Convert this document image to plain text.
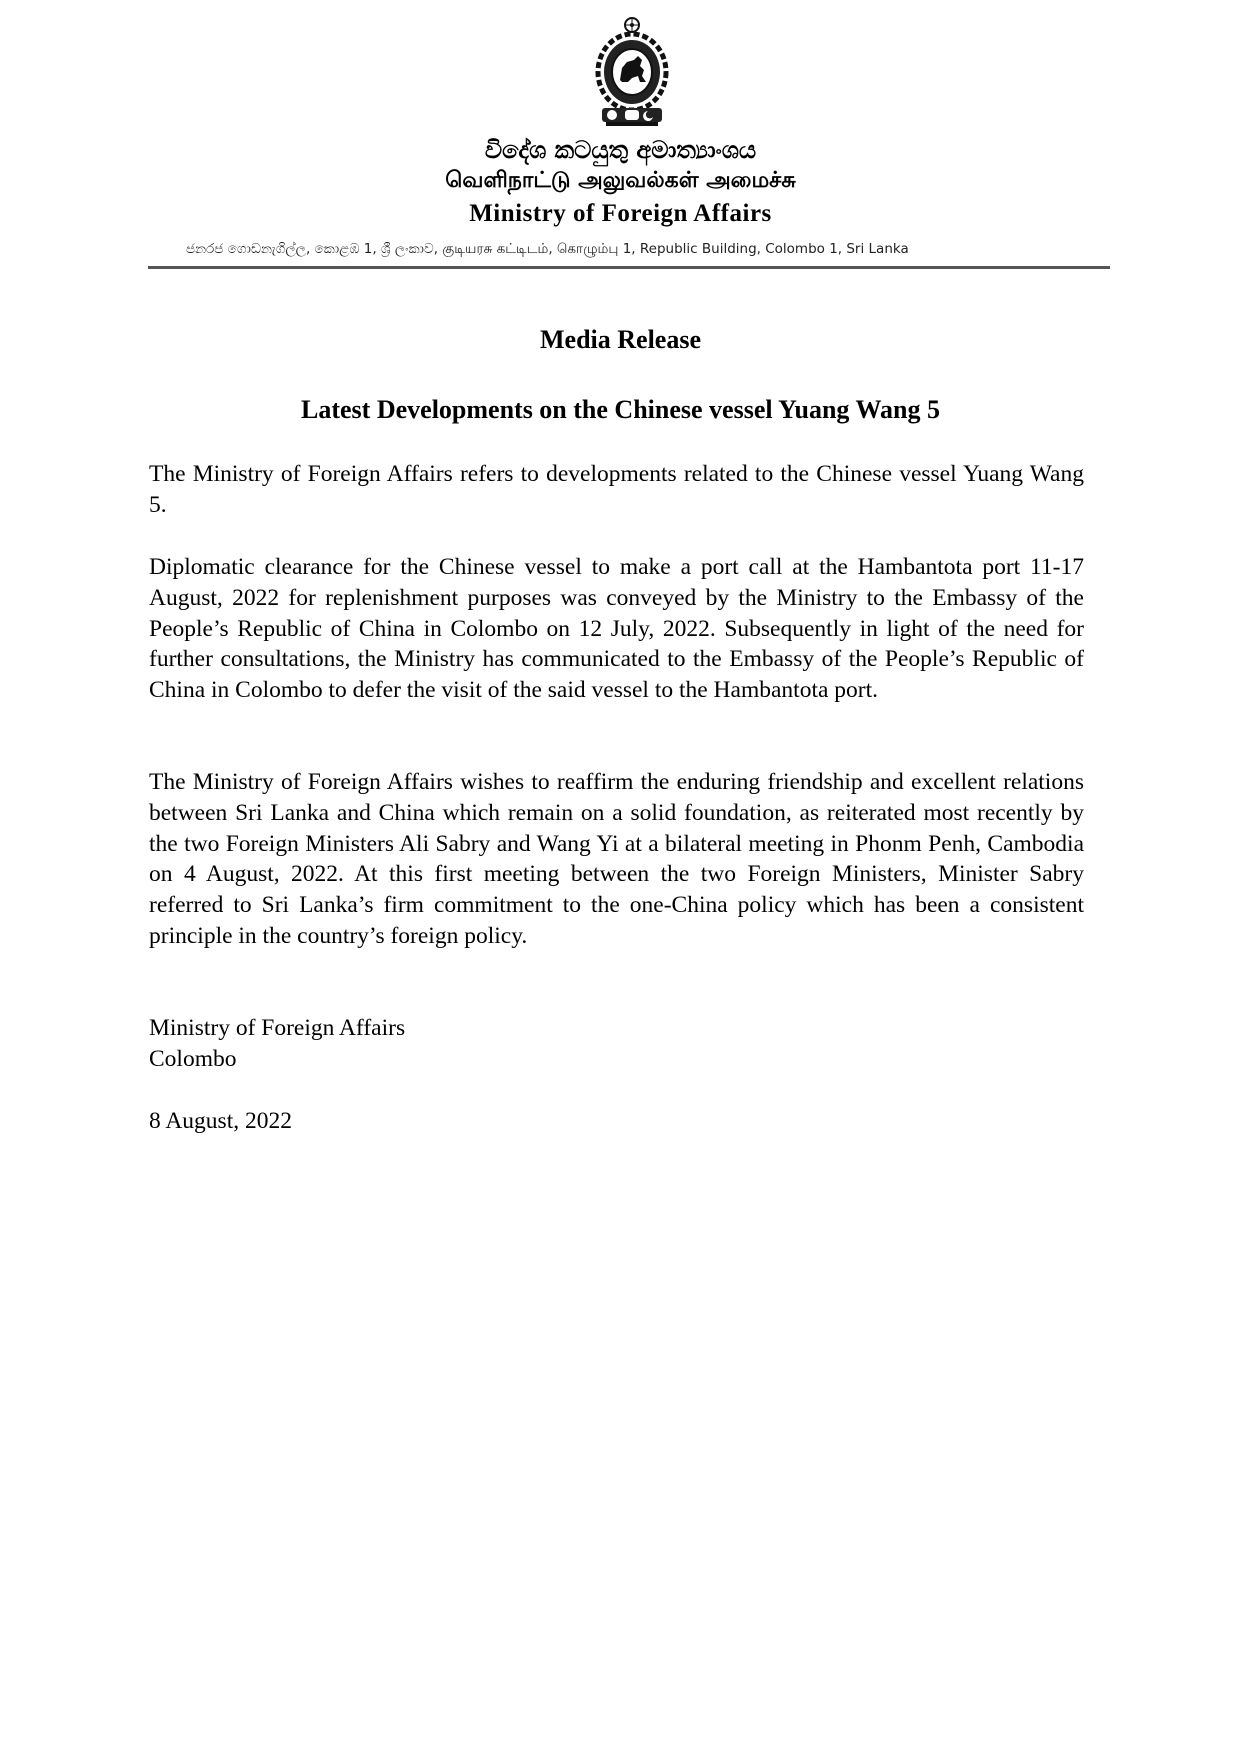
විදේශ කටයුතු අමාත්‍යාංශය
வெளிநாட்டு அலுவல்கள் அமைச்சு
Ministry of Foreign Affairs
ජනරජ ගොඩනැගිල්ල, කොළඹ 1, ශ්‍රී ලංකාව, குடியரசு கட்டிடம், கொழும்பு 1, Republic Building, Colombo 1, Sri Lanka
Media Release
Latest Developments on the Chinese vessel Yuang Wang 5

The Ministry of Foreign Affairs refers to developments related to the Chinese vessel Yuang Wang 5.

Diplomatic clearance for the Chinese vessel to make a port call at the Hambantota port 11-17 August, 2022 for replenishment purposes was conveyed by the Ministry to the Embassy of the People’s Republic of China in Colombo on 12 July, 2022. Subsequently in light of the need for further consultations, the Ministry has communicated to the Embassy of the People’s Republic of China in Colombo to defer the visit of the said vessel to the Hambantota port.

The Ministry of Foreign Affairs wishes to reaffirm the enduring friendship and excellent relations between Sri Lanka and China which remain on a solid foundation, as reiterated most recently by the two Foreign Ministers Ali Sabry and Wang Yi at a bilateral meeting in Phonm Penh, Cambodia on 4 August, 2022. At this first meeting between the two Foreign Ministers, Minister Sabry referred to Sri Lanka’s firm commitment to the one-China policy which has been a consistent principle in the country’s foreign policy.

Ministry of Foreign Affairs
Colombo
8 August, 2022
